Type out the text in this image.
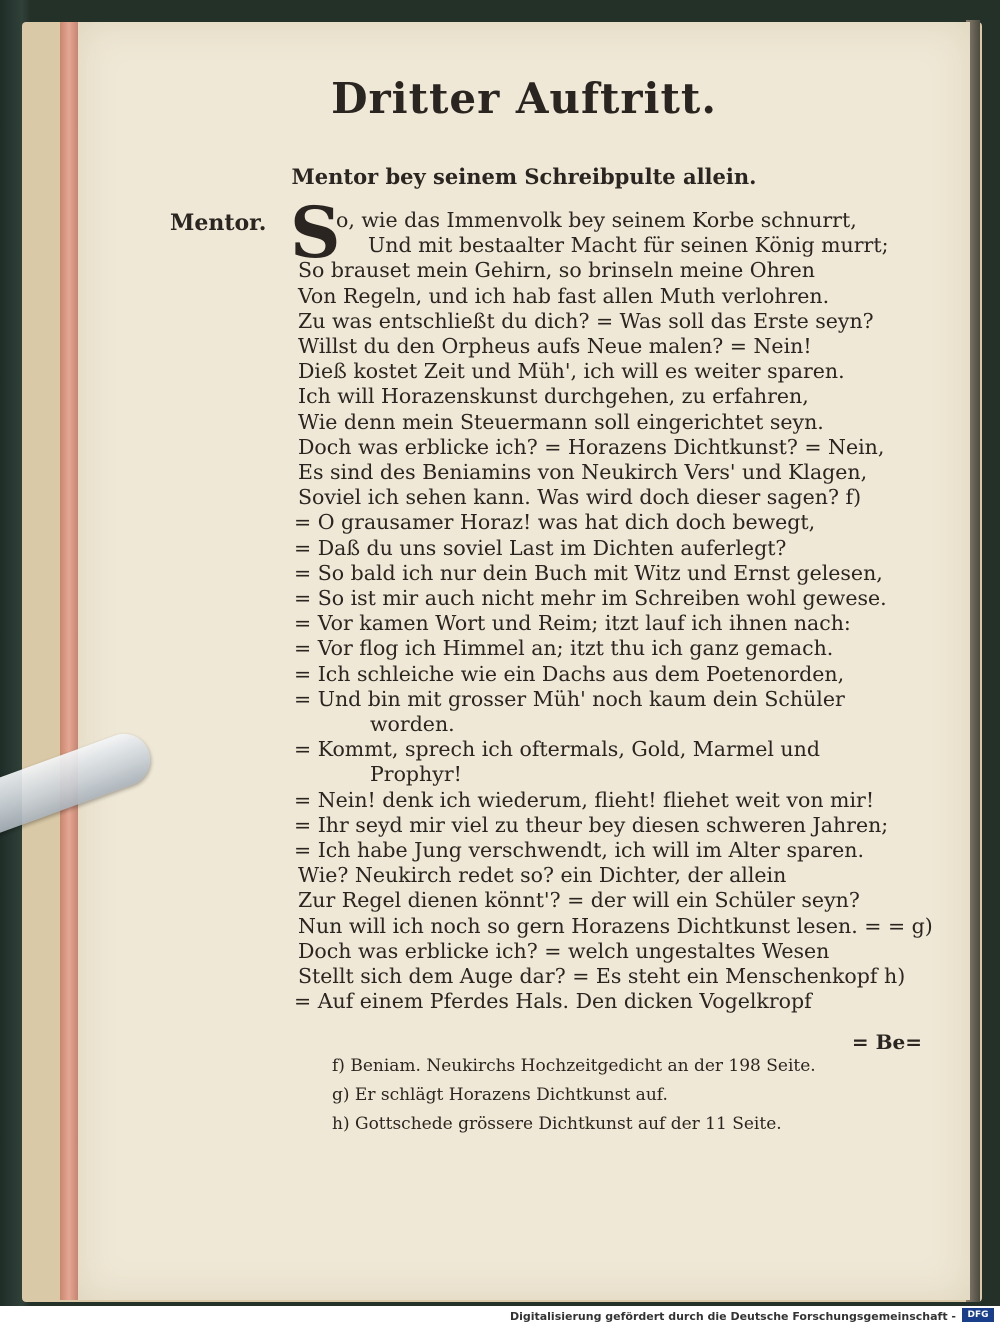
Dritter Auftritt.
Mentor bey seinem Schreibpulte allein.
Mentor. S
o, wie das Immenvolk bey seinem Korbe schnurrt,
Und mit bestaalter Macht für seinen König murrt;
So brauset mein Gehirn, so brinseln meine Ohren
Von Regeln, und ich hab fast allen Muth verlohren.
Zu was entschließt du dich? = Was soll das Erste seyn?
Willst du den Orpheus aufs Neue malen? = Nein!
Dieß kostet Zeit und Müh', ich will es weiter sparen.
Ich will Horazenskunst durchgehen, zu erfahren,
Wie denn mein Steuermann soll eingerichtet seyn.
Doch was erblicke ich? = Horazens Dichtkunst? = Nein,
Es sind des Beniamins von Neukirch Vers' und Klagen,
Soviel ich sehen kann. Was wird doch dieser sagen? f)
= O grausamer Horaz! was hat dich doch bewegt,
= Daß du uns soviel Last im Dichten auferlegt?
= So bald ich nur dein Buch mit Witz und Ernst gelesen,
= So ist mir auch nicht mehr im Schreiben wohl gewese.
= Vor kamen Wort und Reim; itzt lauf ich ihnen nach:
= Vor flog ich Himmel an; itzt thu ich ganz gemach.
= Ich schleiche wie ein Dachs aus dem Poetenorden,
= Und bin mit grosser Müh' noch kaum dein Schüler
worden.
= Kommt, sprech ich oftermals, Gold, Marmel und
Prophyr!
= Nein! denk ich wiederum, flieht! fliehet weit von mir!
= Ihr seyd mir viel zu theur bey diesen schweren Jahren;
= Ich habe Jung verschwendt, ich will im Alter sparen.
Wie? Neukirch redet so? ein Dichter, der allein
Zur Regel dienen könnt'? = der will ein Schüler seyn?
Nun will ich noch so gern Horazens Dichtkunst lesen. = = g)
Doch was erblicke ich? = welch ungestaltes Wesen
Stellt sich dem Auge dar? = Es steht ein Menschenkopf h)
= Auf einem Pferdes Hals. Den dicken Vogelkropf
= Be=
f) Beniam. Neukirchs Hochzeitgedicht an der 198 Seite.
g) Er schlägt Horazens Dichtkunst auf.
h) Gottschede grössere Dichtkunst auf der 11 Seite.
Digitalisierung gefördert durch die Deutsche Forschungsgemeinschaft -	DFG
